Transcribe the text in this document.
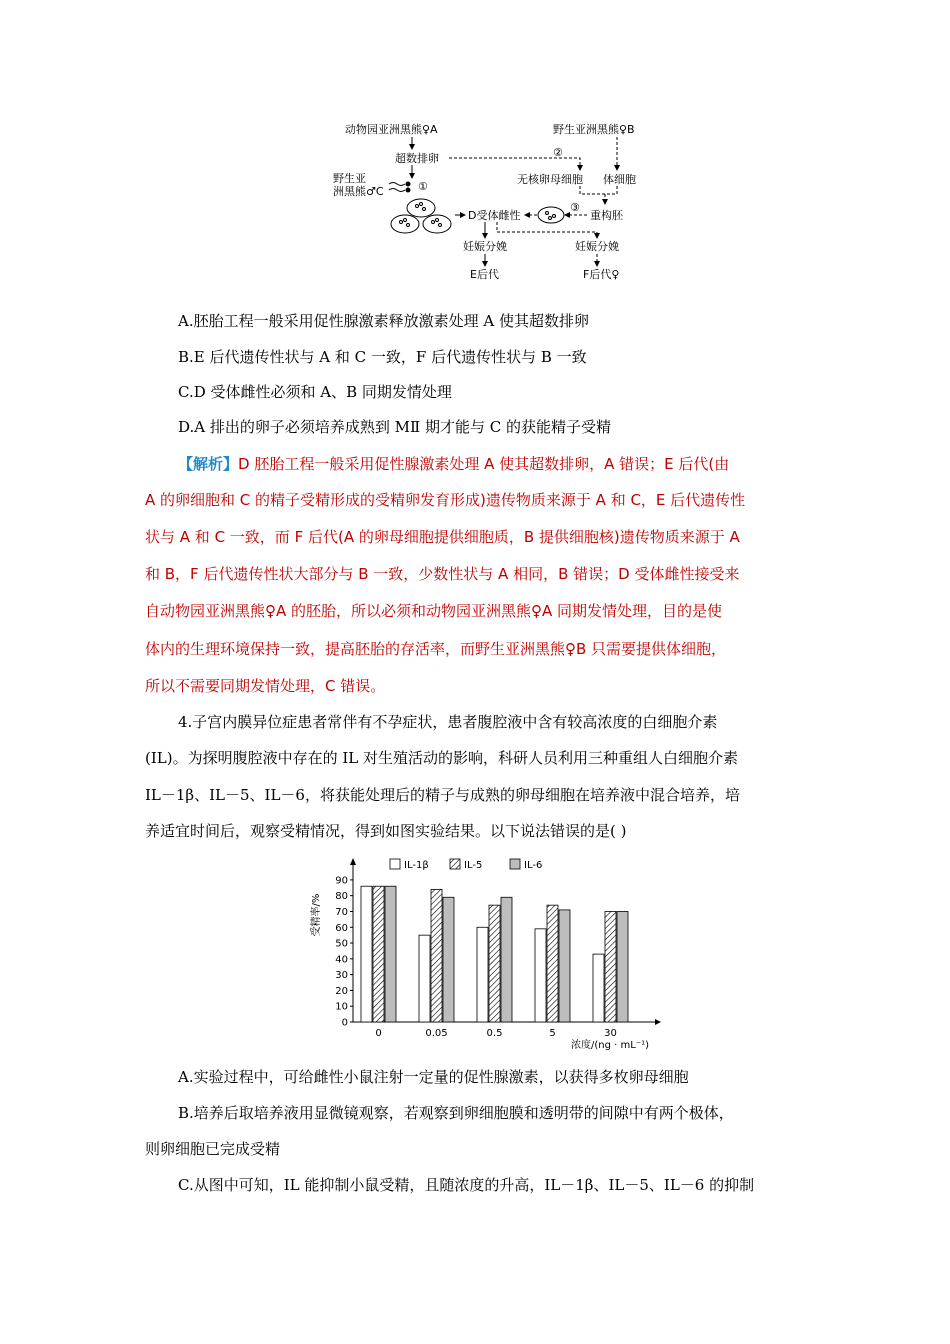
动物园亚洲黑熊♀A	野生亚洲黑熊♀B
超数排卵	②
野生亚
洲黑熊♂C	①
无核卵母细胞 体细胞
D受体雌性
③
重构胚
妊娠分娩	妊娠分娩
E后代	F后代♀
A.胚胎工程一般采用促性腺激素释放激素处理 A 使其超数排卵
B.E 后代遗传性状与 A 和 C 一致，F 后代遗传性状与 B 一致
C.D 受体雌性必须和 A、B 同期发情处理
D.A 排出的卵子必须培养成熟到 MⅡ 期才能与 C 的获能精子受精
【解析】D 胚胎工程一般采用促性腺激素处理 A 使其超数排卵，A 错误；E 后代(由
A 的卵细胞和 C 的精子受精形成的受精卵发育形成)遗传物质来源于 A 和 C，E 后代遗传性
状与 A 和 C 一致，而 F 后代(A 的卵母细胞提供细胞质，B 提供细胞核)遗传物质来源于 A
和 B，F 后代遗传性状大部分与 B 一致，少数性状与 A 相同，B 错误；D 受体雌性接受来
自动物园亚洲黑熊♀A 的胚胎，所以必须和动物园亚洲黑熊♀A 同期发情处理，目的是使
体内的生理环境保持一致，提高胚胎的存活率，而野生亚洲黑熊♀B 只需要提供体细胞，
所以不需要同期发情处理，C 错误。
4.子宫内膜异位症患者常伴有不孕症状，患者腹腔液中含有较高浓度的白细胞介素
(IL)。为探明腹腔液中存在的 IL 对生殖活动的影响，科研人员利用三种重组人白细胞介素
IL－1β、IL－5、IL－6，将获能处理后的精子与成熟的卵母细胞在培养液中混合培养，培
养适宜时间后，观察受精情况，得到如图实验结果。以下说法错误的是( )
0
10
20
30
40
50
60
70
80
90
受精率/%
0	0.05	0.5	5	30
浓度/(ng · mL⁻¹)
IL-1β	IL-5	IL-6
A.实验过程中，可给雌性小鼠注射一定量的促性腺激素，以获得多枚卵母细胞
B.培养后取培养液用显微镜观察，若观察到卵细胞膜和透明带的间隙中有两个极体，
则卵细胞已完成受精
C.从图中可知，IL 能抑制小鼠受精，且随浓度的升高，IL－1β、IL－5、IL－6 的抑制
